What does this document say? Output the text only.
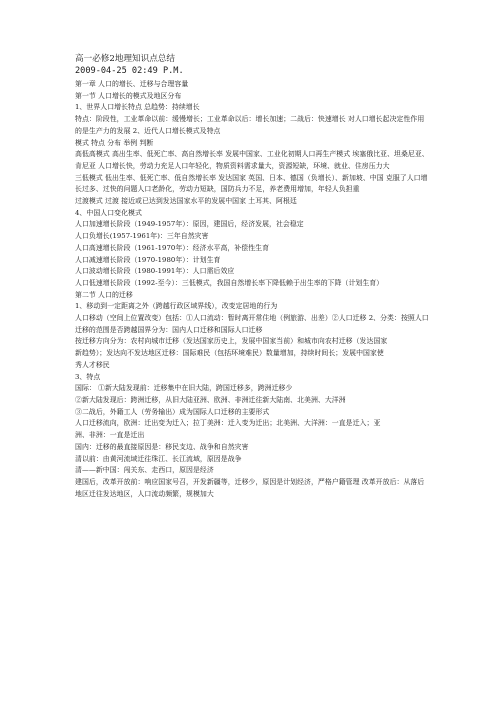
高一必修2地理知识点总结

2009-04-25 02:49 P.M.

第一章 人口的增长、迁移与合理容量

第一节 人口增长的模式及地区分布

1、世界人口增长特点 总趋势：持续增长

特点：阶段性，工业革命以前：缓慢增长；工业革命以后：增长加速；二战后：快速增长 对人口增长起决定性作用的是生产力的发展 2、近代人口增长模式及特点

模式 特点 分布 举例 判断

高低高模式 高出生率、低死亡率、高自然增长率 发展中国家、工业化初期人口再生产模式 埃塞俄比亚、坦桑尼亚、肯尼亚 人口增长快，劳动力充足人口年轻化，物质资料需求量大，资源短缺，环境、就业、住房压力大

三低模式 低出生率、低死亡率、低自然增长率 发达国家 英国、日本、德国（负增长）、新加坡、中国 克服了人口增长过多、过快的问题人口老龄化，劳动力短缺，国防兵力不足，养老费用增加，年轻人负担重

过渡模式 过渡 接近或已达到发达国家水平的发展中国家 土耳其、阿根廷

4、中国人口变化模式

人口加速增长阶段（1949-1957年）：原因，建国后，经济发展，社会稳定

人口负增长(1957-1961年)：三年自然灾害

人口高速增长阶段（1961-1970年）：经济水平高，补偿性生育

人口减速增长阶段（1970-1980年）：计划生育

人口波动增长阶段（1980-1991年）：人口需后效应

人口低速增长阶段（1992-至今）：三低模式，我国自然增长率下降低赖于出生率的下降（计划生育）

第二节 人口的迁移

1、移动到一定距离之外（跨越行政区域界线），改变定居地的行为

人口移动（空间上位置改变）包括：①人口流动：暂时离开常住地（例旅游、出差）②人口迁移 2、分类：按照人口迁移的范围是否跨越国界分为：国内人口迁移和国际人口迁移

按迁移方向分为：农村向城市迁移（发达国家历史上，发展中国家当前）和城市向农村迁移（发达国家

新趋势）；发达向不发达地区迁移：国际难民（包括环境难民）数量增加，持续时间长；发展中国家使

秀人才移民

3、特点

国际： ①新大陆发现前：迁移集中在旧大陆，跨国迁移多，跨洲迁移少

②新大陆发现后：跨洲迁移，从旧大陆亚洲、欧洲、非洲迁往新大陆南、北美洲、大洋洲

③二战后，外籍工人（劳务输出）成为国际人口迁移的主要形式

人口迁移流向，欧洲：迁出变为迁入；拉丁美洲：迁入变为迁出；北美洲、大洋洲：一直是迁入；亚

洲、非洲：一直是迁出

国内：迁移的最直接原因是：移民支边、战争和自然灾害

清以前：由黄河流域迁往珠江、长江流域，原因是战争

清——新中国：闯关东、走西口，原因是经济

建国后，改革开放前：响应国家号召，开发新疆等，迁移少，原因是计划经济，严格户籍管理 改革开放后：从落后地区迁往发达地区，人口流动频繁，规模加大
